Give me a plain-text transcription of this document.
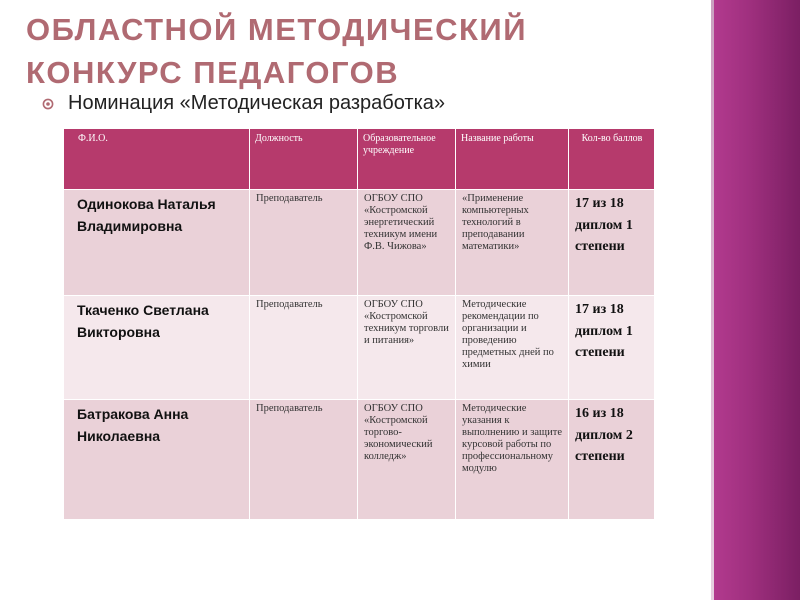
ОБЛАСТНОЙ МЕТОДИЧЕСКИЙ
КОНКУРС ПЕДАГОГОВ
Номинация «Методическая разработка»
Ф.И.О.	Должность	Образовательное учреждение	Название работы	Кол-во баллов
Одинокова Наталья Владимировна	Преподаватель	ОГБОУ СПО «Костромской энергетический техникум имени Ф.В. Чижова»	«Применение компьютерных технологий в преподавании математики»	17 из 18 диплом 1 степени
Ткаченко Светлана Викторовна	Преподаватель	ОГБОУ СПО «Костромской техникум торговли и питания»	Методические рекомендации по организации и проведению предметных дней по химии	17 из 18 диплом 1 степени
Батракова Анна Николаевна	Преподаватель	ОГБОУ СПО «Костромской торгово-экономический колледж»	Методические указания к выполнению и защите курсовой работы по профессиональному модулю	16 из 18 диплом 2 степени
